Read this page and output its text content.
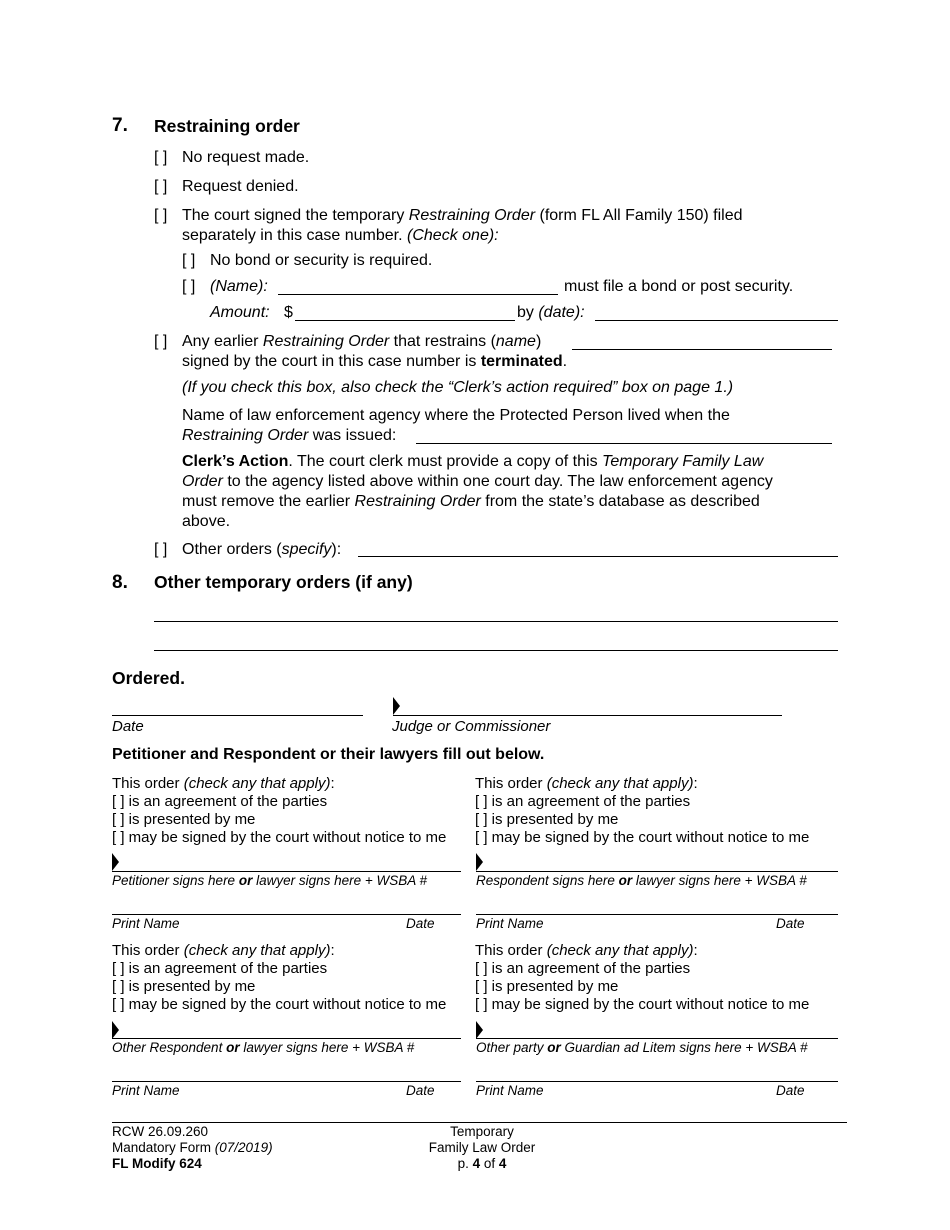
7. Restraining order
[ ] No request made.
[ ] Request denied.
[ ] The court signed the temporary Restraining Order (form FL All Family 150) filed
separately in this case number. (Check one):
[ ] No bond or security is required.
[ ] (Name):	must file a bond or post security.
Amount: $	by (date):
[ ] Any earlier Restraining Order that restrains (name)
signed by the court in this case number is terminated.
(If you check this box, also check the “Clerk’s action required” box on page 1.)
Name of law enforcement agency where the Protected Person lived when the
Restraining Order was issued:
Clerk’s Action. The court clerk must provide a copy of this Temporary Family Law
Order to the agency listed above within one court day. The law enforcement agency
must remove the earlier Restraining Order from the state’s database as described
above.
[ ] Other orders (specify):
8. Other temporary orders (if any)
Ordered.
Date	Judge or Commissioner
Petitioner and Respondent or their lawyers fill out below.
This order (check any that apply):
[ ] is an agreement of the parties
[ ] is presented by me
[ ] may be signed by the court without notice to me
Petitioner signs here or lawyer signs here + WSBA #
Print Name	Date
This order (check any that apply):
[ ] is an agreement of the parties
[ ] is presented by me
[ ] may be signed by the court without notice to me
Respondent signs here or lawyer signs here + WSBA #
Print Name	Date
This order (check any that apply):
[ ] is an agreement of the parties
[ ] is presented by me
[ ] may be signed by the court without notice to me
Other Respondent or lawyer signs here + WSBA #
Print Name	Date
This order (check any that apply):
[ ] is an agreement of the parties
[ ] is presented by me
[ ] may be signed by the court without notice to me
Other party or Guardian ad Litem signs here + WSBA #
Print Name	Date
RCW 26.09.260
Mandatory Form (07/2019)
FL Modify 624
Temporary
Family Law Order
p. 4 of 4
